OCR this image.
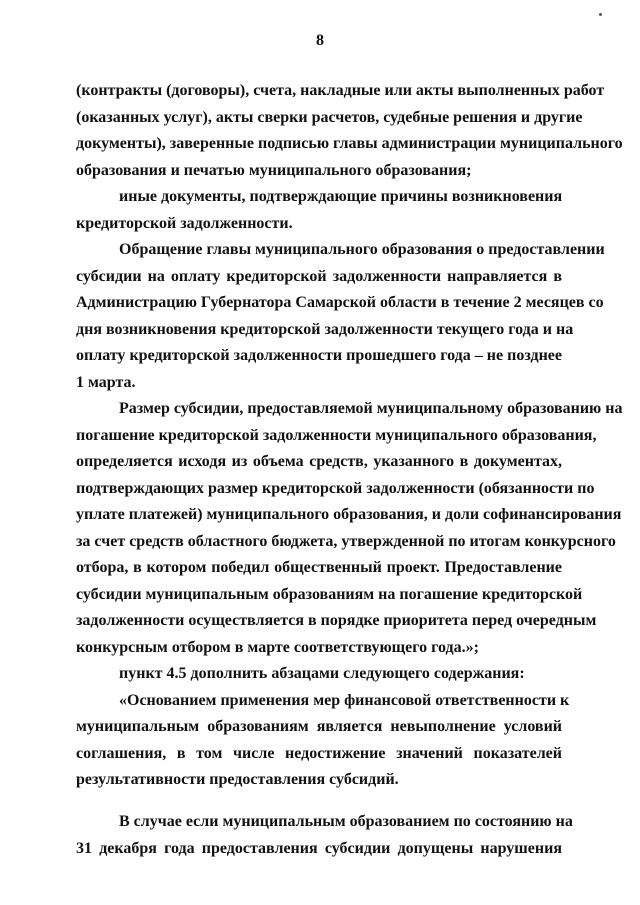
8
(контракты (договоры), счета, накладные или акты выполненных работ
(оказанных услуг), акты сверки расчетов, судебные решения и другие
документы), заверенные подписью главы администрации муниципального
образования и печатью муниципального образования;
иные документы, подтверждающие причины возникновения
кредиторской задолженности.
Обращение главы муниципального образования о предоставлении
субсидии на оплату кредиторской задолженности направляется в
Администрацию Губернатора Самарской области в течение 2 месяцев со
дня возникновения кредиторской задолженности текущего года и на
оплату кредиторской задолженности прошедшего года – не позднее
1 марта.
Размер субсидии, предоставляемой муниципальному образованию на
погашение кредиторской задолженности муниципального образования,
определяется исходя из объема средств, указанного в документах,
подтверждающих размер кредиторской задолженности (обязанности по
уплате платежей) муниципального образования, и доли софинансирования
за счет средств областного бюджета, утвержденной по итогам конкурсного
отбора, в котором победил общественный проект. Предоставление
субсидии муниципальным образованиям на погашение кредиторской
задолженности осуществляется в порядке приоритета перед очередным
конкурсным отбором в марте соответствующего года.»;
пункт 4.5 дополнить абзацами следующего содержания:
«Основанием применения мер финансовой ответственности к
муниципальным образованиям является невыполнение условий
соглашения, в том числе недостижение значений показателей
результативности предоставления субсидий.
В случае если муниципальным образованием по состоянию на
31 декабря года предоставления субсидии допущены нарушения
